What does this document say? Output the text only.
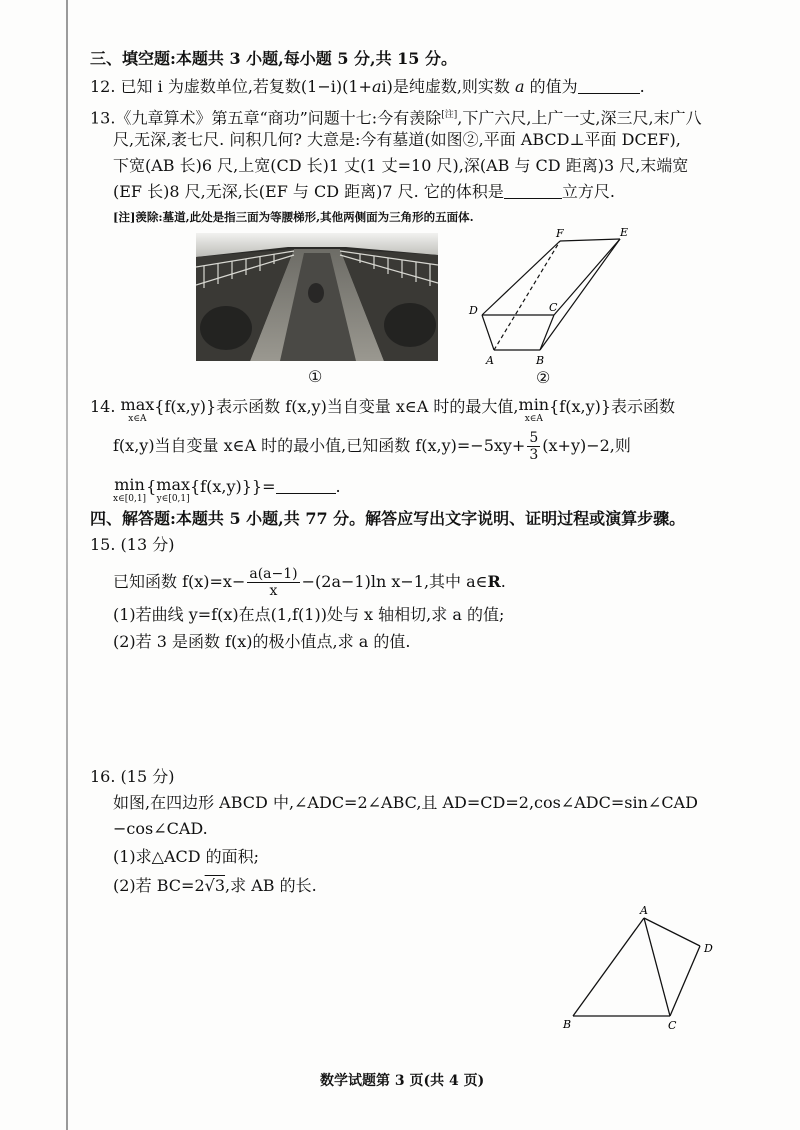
三、填空题:本题共 3 小题,每小题 5 分,共 15 分。
12. 已知 i 为虚数单位,若复数(1−i)(1+ai)是纯虚数,则实数 a 的值为	.
13.《九章算术》第五章“商功”问题十七:今有羡除[注],下广六尺,上广一丈,深三尺,末广八
尺,无深,袤七尺. 问积几何? 大意是:今有墓道(如图②,平面 ABCD⊥平面 DCEF),
下宽(AB 长)6 尺,上宽(CD 长)1 丈(1 丈=10 尺),深(AB 与 CD 距离)3 尺,末端宽
(EF 长)8 尺,无深,长(EF 与 CD 距离)7 尺. 它的体积是	立方尺.
[注]羡除:墓道,此处是指三面为等腰梯形,其他两侧面为三角形的五面体.
①
F	E
D	C
A	B
②
14. max
x∈A
{f(x,y)}表示函数 f(x,y)当自变量 x∈A 时的最大值,min
x∈A
{f(x,y)}表示函数
f(x,y)当自变量 x∈A 时的最小值,已知函数 $f(x,y)=-5xy+ \frac{5}{3} (x+y)-2$,则
min
x∈[0,1]
{max
y∈[0,1]
{f(x,y)}}=	.
四、解答题:本题共 5 小题,共 77 分。解答应写出文字说明、证明过程或演算步骤。
15. (13 分)
已知函数 $f(x)=x- \frac{a(a-1)}{x} -(2a-1)\ln$ x−1,其中 a∈R.
(1)若曲线 y=f(x)在点(1,f(1))处与 x 轴相切,求 a 的值;
(2)若 3 是函数 f(x)的极小值点,求 a 的值.
16. (15 分)
如图,在四边形 ABCD 中,∠ADC=2∠ABC,且 AD=CD=2,cos∠ADC=sin∠CAD
−cos∠CAD.
(1)求△ACD 的面积;
(2)若 BC=2√3,求 AB 的长.
A
B	C
D
数学试题第 3 页(共 4 页)
